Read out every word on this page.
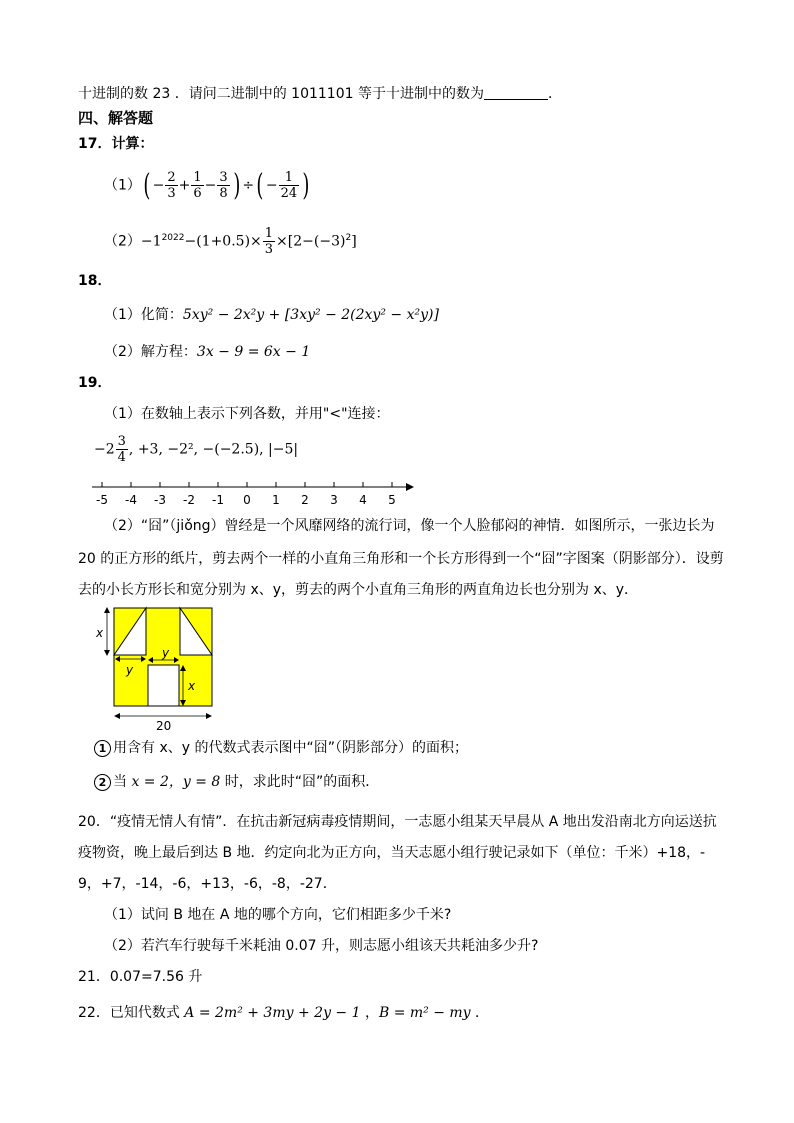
十进制的数 23 ．请问二进制中的 1011101 等于十进制中的数为	．
四、解答题
17．计算：
$(1)( - \frac{2}{3} + \frac{1}{6} - \frac{3}{8}$ ) ÷( − $\frac{1}{24}$ )
$(2)-1^{2022}-(1+0.5)\times \frac{1}{3} \times[2-(-3)^2]$
18．
（1）化简：5xy² − 2x²y + [3xy² − 2(2xy² − x²y)]
（2）解方程：3x − 9 = 6x − 1
19．
（1）在数轴上表示下列各数，并用"<"连接：
$-2 \frac{3}{4}$ , +3, −2², −(−2.5), |−5|
-5 -4 -3 -2 -1 0 1 2 3 4 5
（2）“囧”（jiǒng）曾经是一个风靡网络的流行词，像一个人脸郁闷的神情．如图所示，一张边长为
20 的正方形的纸片，剪去两个一样的小直角三角形和一个长方形得到一个“囧”字图案（阴影部分）．设剪
去的小长方形长和宽分别为 x、y，剪去的两个小直角三角形的两直角边长也分别为 x、y．
x
y
y
x
20
1 用含有 x、y 的代数式表示图中“囧”（阴影部分）的面积；
2 当 x = 2，y = 8 时，求此时“囧”的面积．
20．“疫情无情人有情”．在抗击新冠病毒疫情期间，一志愿小组某天早晨从 A 地出发沿南北方向运送抗
疫物资，晚上最后到达 B 地．约定向北为正方向，当天志愿小组行驶记录如下（单位：千米）+18，-
9，+7，-14，-6，+13，-6，-8，-27．
（1）试问 B 地在 A 地的哪个方向，它们相距多少千米?
（2）若汽车行驶每千米耗油 0.07 升，则志愿小组该天共耗油多少升?
21．0.07=7.56 升
22．已知代数式 A = 2m² + 3my + 2y − 1 ，B = m² − my ．
